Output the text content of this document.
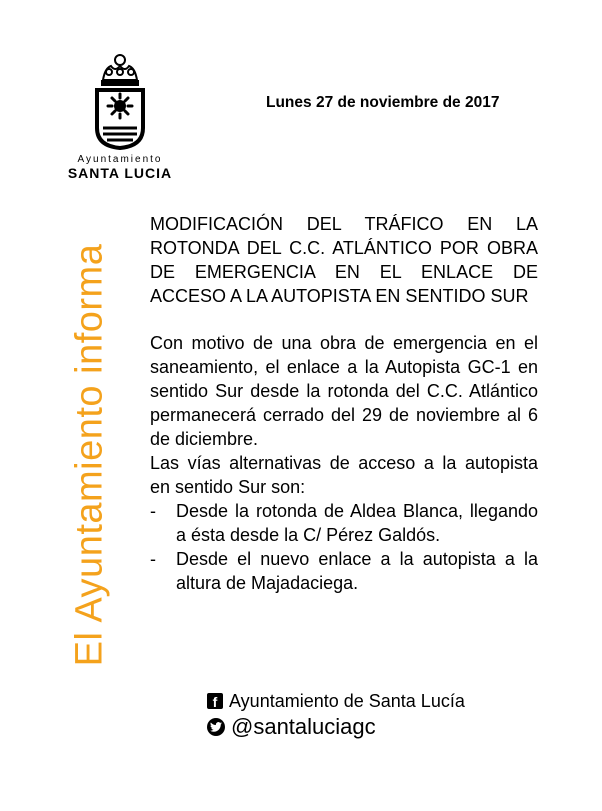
Ayuntamiento
SANTA LUCIA
Lunes 27 de noviembre de 2017
El Ayuntamiento informa

MODIFICACIÓN DEL TRÁFICO EN LA ROTONDA DEL C.C. ATLÁNTICO POR OBRA DE EMERGENCIA EN EL ENLACE DE ACCESO A LA AUTOPISTA EN SENTIDO SUR

Con motivo de una obra de emergencia en el saneamiento, el enlace a la Autopista GC-1 en sentido Sur desde la rotonda del C.C. Atlántico permanecerá cerrado del 29 de noviembre al 6 de diciembre.

Las vías alternativas de acceso a la autopista en sentido Sur son:

- Desde la rotonda de Aldea Blanca, llegando a ésta desde la C/ Pérez Galdós.
- Desde el nuevo enlace a la autopista a la altura de Majadaciega.
f Ayuntamiento de Santa Lucía
@santaluciagc
